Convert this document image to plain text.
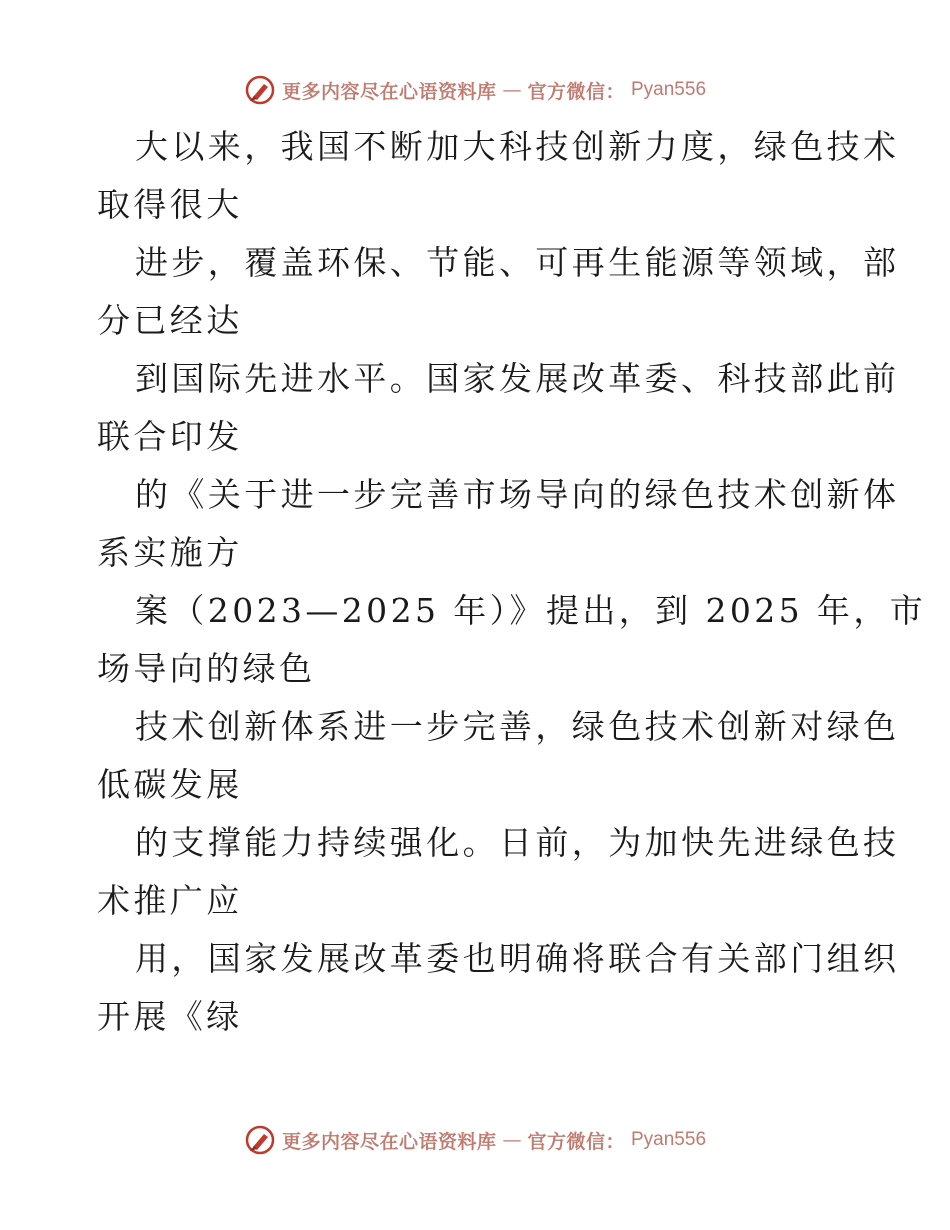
更多内容尽在心语资料库 — 官方微信： Pyan556
大以来，我国不断加大科技创新力度，绿色技术
取得很大
进步，覆盖环保、节能、可再生能源等领域，部
分已经达
到国际先进水平。国家发展改革委、科技部此前
联合印发
的《关于进一步完善市场导向的绿色技术创新体
系实施方
案（2023—2025 年）》提出，到 2025 年，市
场导向的绿色
技术创新体系进一步完善，绿色技术创新对绿色
低碳发展
的支撑能力持续强化。日前，为加快先进绿色技
术推广应
用，国家发展改革委也明确将联合有关部门组织
开展《绿
更多内容尽在心语资料库 — 官方微信： Pyan556
